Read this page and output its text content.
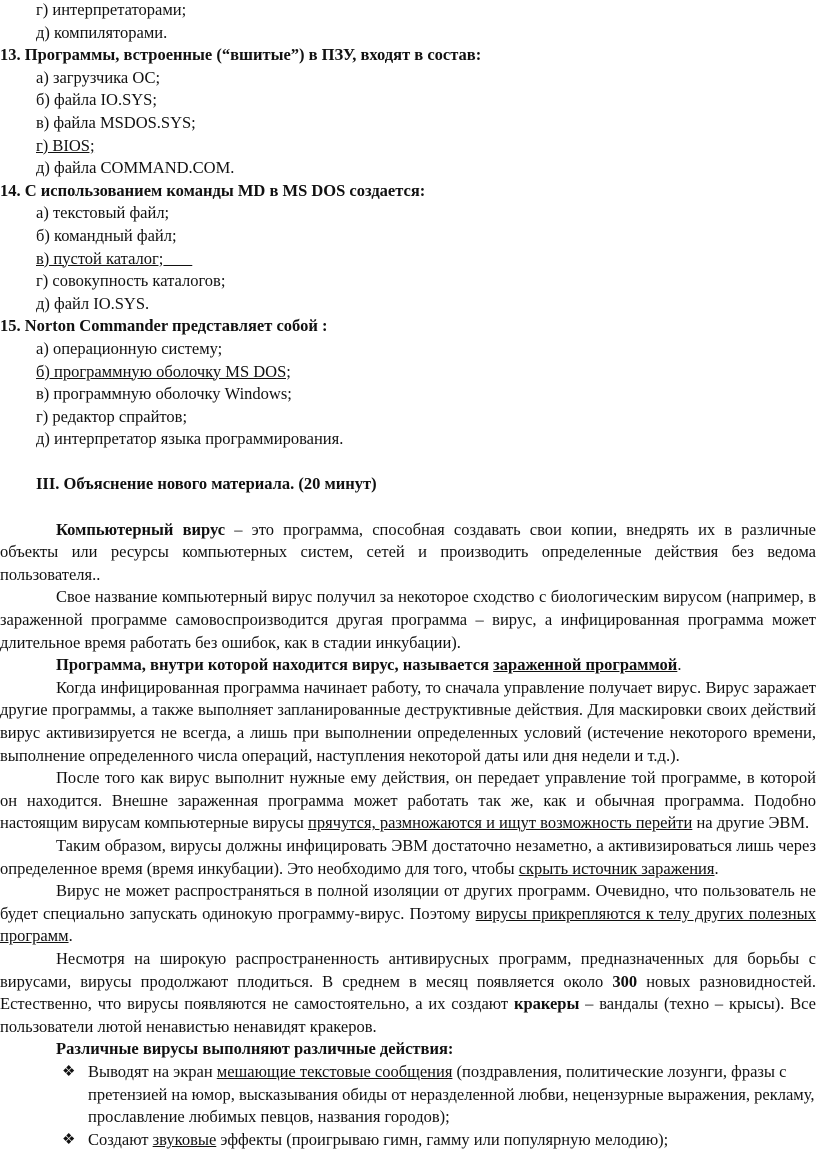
г) интерпретаторами;
д) компиляторами.
13. Программы, встроенные (“вшитые”) в ПЗУ, входят в состав:
а) загрузчика ОС;
б) файла IO.SYS;
в) файла MSDOS.SYS;
г) BIOS;
д) файла COMMAND.COM.
14. С использованием команды MD в MS DOS создается:
а) текстовый файл;
б) командный файл;
в) пустой каталог;
г) совокупность каталогов;
д) файл IO.SYS.
15. Norton Commander представляет собой :
а) операционную систему;
б) программную оболочку MS DOS;
в) программную оболочку Windows;
г) редактор спрайтов;
д) интерпретатор языка программирования.
III. Объяснение нового материала. (20 минут)
Компьютерный вирус – это программа, способная создавать свои копии, внедрять их в различные объекты или ресурсы компьютерных систем, сетей и производить определенные действия без ведома пользователя..
Свое название компьютерный вирус получил за некоторое сходство с биологическим вирусом (например, в зараженной программе самовоспроизводится другая программа – вирус, а инфицированная программа может длительное время работать без ошибок, как в стадии инкубации).
Программа, внутри которой находится вирус, называется зараженной программой.
Когда инфицированная программа начинает работу, то сначала управление получает вирус. Вирус заражает другие программы, а также выполняет запланированные деструктивные действия. Для маскировки своих действий вирус активизируется не всегда, а лишь при выполнении определенных условий (истечение некоторого времени, выполнение определенного числа операций, наступления некоторой даты или дня недели и т.д.).
После того как вирус выполнит нужные ему действия, он передает управление той программе, в которой он находится. Внешне зараженная программа может работать так же, как и обычная программа. Подобно настоящим вирусам компьютерные вирусы прячутся, размножаются и ищут возможность перейти на другие ЭВМ.
Таким образом, вирусы должны инфицировать ЭВМ достаточно незаметно, а активизироваться лишь через определенное время (время инкубации). Это необходимо для того, чтобы скрыть источник заражения.
Вирус не может распространяться в полной изоляции от других программ. Очевидно, что пользователь не будет специально запускать одинокую программу-вирус. Поэтому вирусы прикрепляются к телу других полезных программ.
Несмотря на широкую распространенность антивирусных программ, предназначенных для борьбы с вирусами, вирусы продолжают плодиться. В среднем в месяц появляется около 300 новых разновидностей. Естественно, что вирусы появляются не самостоятельно, а их создают кракеры – вандалы (техно – крысы). Все пользователи лютой ненавистью ненавидят кракеров.
Различные вирусы выполняют различные действия:
❖ Выводят на экран мешающие текстовые сообщения (поздравления, политические лозунги, фразы с претензией на юмор, высказывания обиды от неразделенной любви, нецензурные выражения, рекламу, прославление любимых певцов, названия городов);
❖ Создают звуковые эффекты (проигрываю гимн, гамму или популярную мелодию);
